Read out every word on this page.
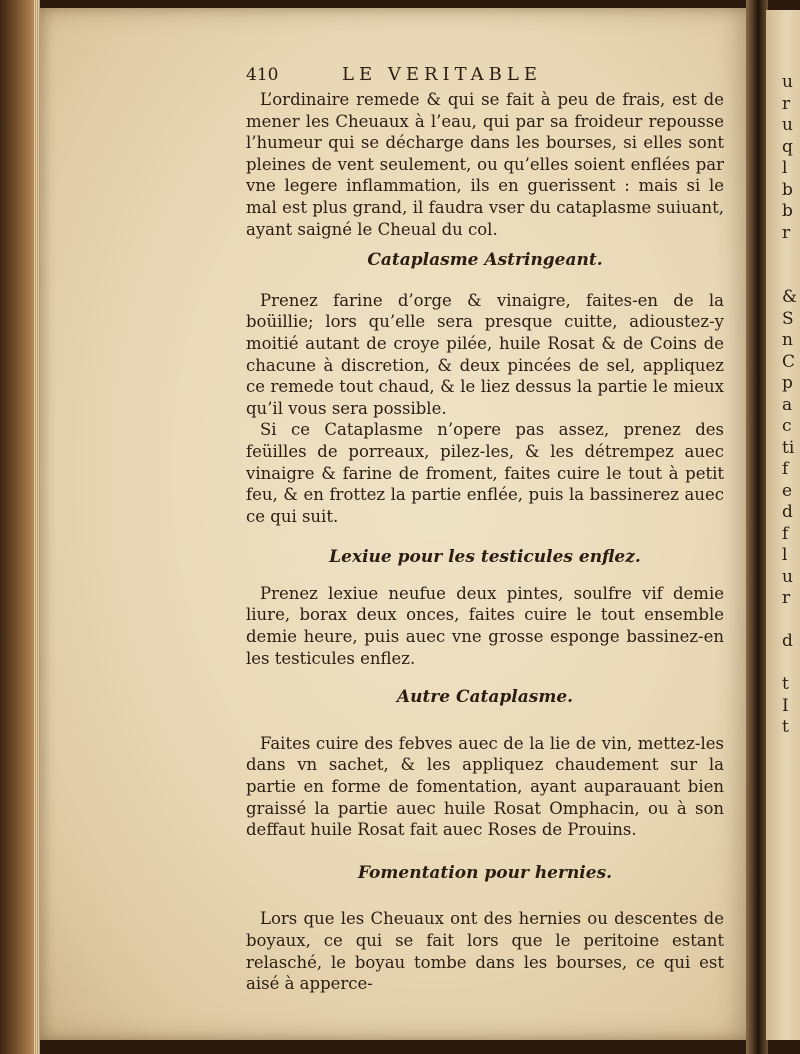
u
r
u
q
l
b
b
r

&
S
n
C
p
a
c
ti
f
e
d
f
l
u
r

d

t
I
t
410	LE VERITABLE

L’ordinaire remede & qui se fait à peu de frais, est de mener les Cheuaux à l’eau, qui par sa froideur repousse l’humeur qui se décharge dans les bourses, si elles sont pleines de vent seulement, ou qu’elles soient enflées par vne legere inflammation, ils en guerissent : mais si le mal est plus grand, il faudra vser du cataplasme suiuant, ayant saigné le Cheual du col.

Cataplasme Astringeant.

Prenez farine d’orge & vinaigre, faites-en de la boüillie; lors qu’elle sera presque cuitte, adioustez-y moitié autant de croye pilée, huile Rosat & de Coins de chacune à discretion, & deux pincées de sel, appliquez ce remede tout chaud, & le liez dessus la partie le mieux qu’il vous sera possible.

Si ce Cataplasme n’opere pas assez, prenez des feüilles de porreaux, pilez-les, & les détrempez auec vinaigre & farine de froment, faites cuire le tout à petit feu, & en frottez la partie enflée, puis la bassinerez auec ce qui suit.

Lexiue pour les testicules enflez.

Prenez lexiue neufue deux pintes, soulfre vif demie liure, borax deux onces, faites cuire le tout ensemble demie heure, puis auec vne grosse esponge bassinez-en les testicules enflez.

Autre Cataplasme.

Faites cuire des febves auec de la lie de vin, mettez-les dans vn sachet, & les appliquez chaudement sur la partie en forme de fomentation, ayant auparauant bien graissé la partie auec huile Rosat Omphacin, ou à son deffaut huile Rosat fait auec Roses de Prouins.

Fomentation pour hernies.

Lors que les Cheuaux ont des hernies ou descentes de boyaux, ce qui se fait lors que le peritoine estant relasché, le boyau tombe dans les bourses, ce qui est aisé à apperce-
